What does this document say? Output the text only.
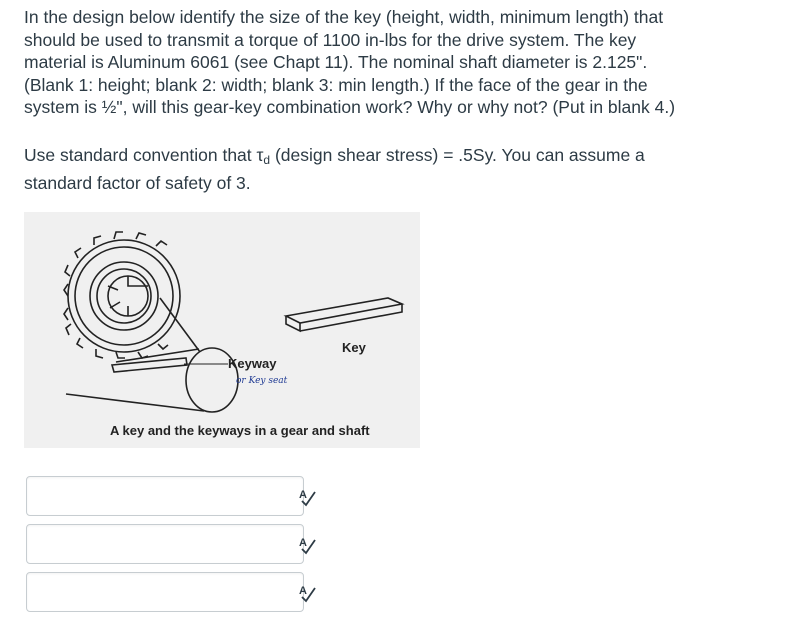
In the design below identify the size of the key (height, width, minimum length) that
should be used to transmit a torque of 1100 in-lbs for the drive system. The key
material is Aluminum 6061 (see Chapt 11). The nominal shaft diameter is 2.125".
(Blank 1: height; blank 2: width; blank 3: min length.) If the face of the gear in the
system is ½", will this gear-key combination work? Why or why not? (Put in blank 4.)
Use standard convention that $\tau_d$ (design shear stress) = .5Sy. You can assume a
standard factor of safety of 3.
Key
Keyway
or Key seat
A key and the keyways in a gear and shaft
A
A
A
